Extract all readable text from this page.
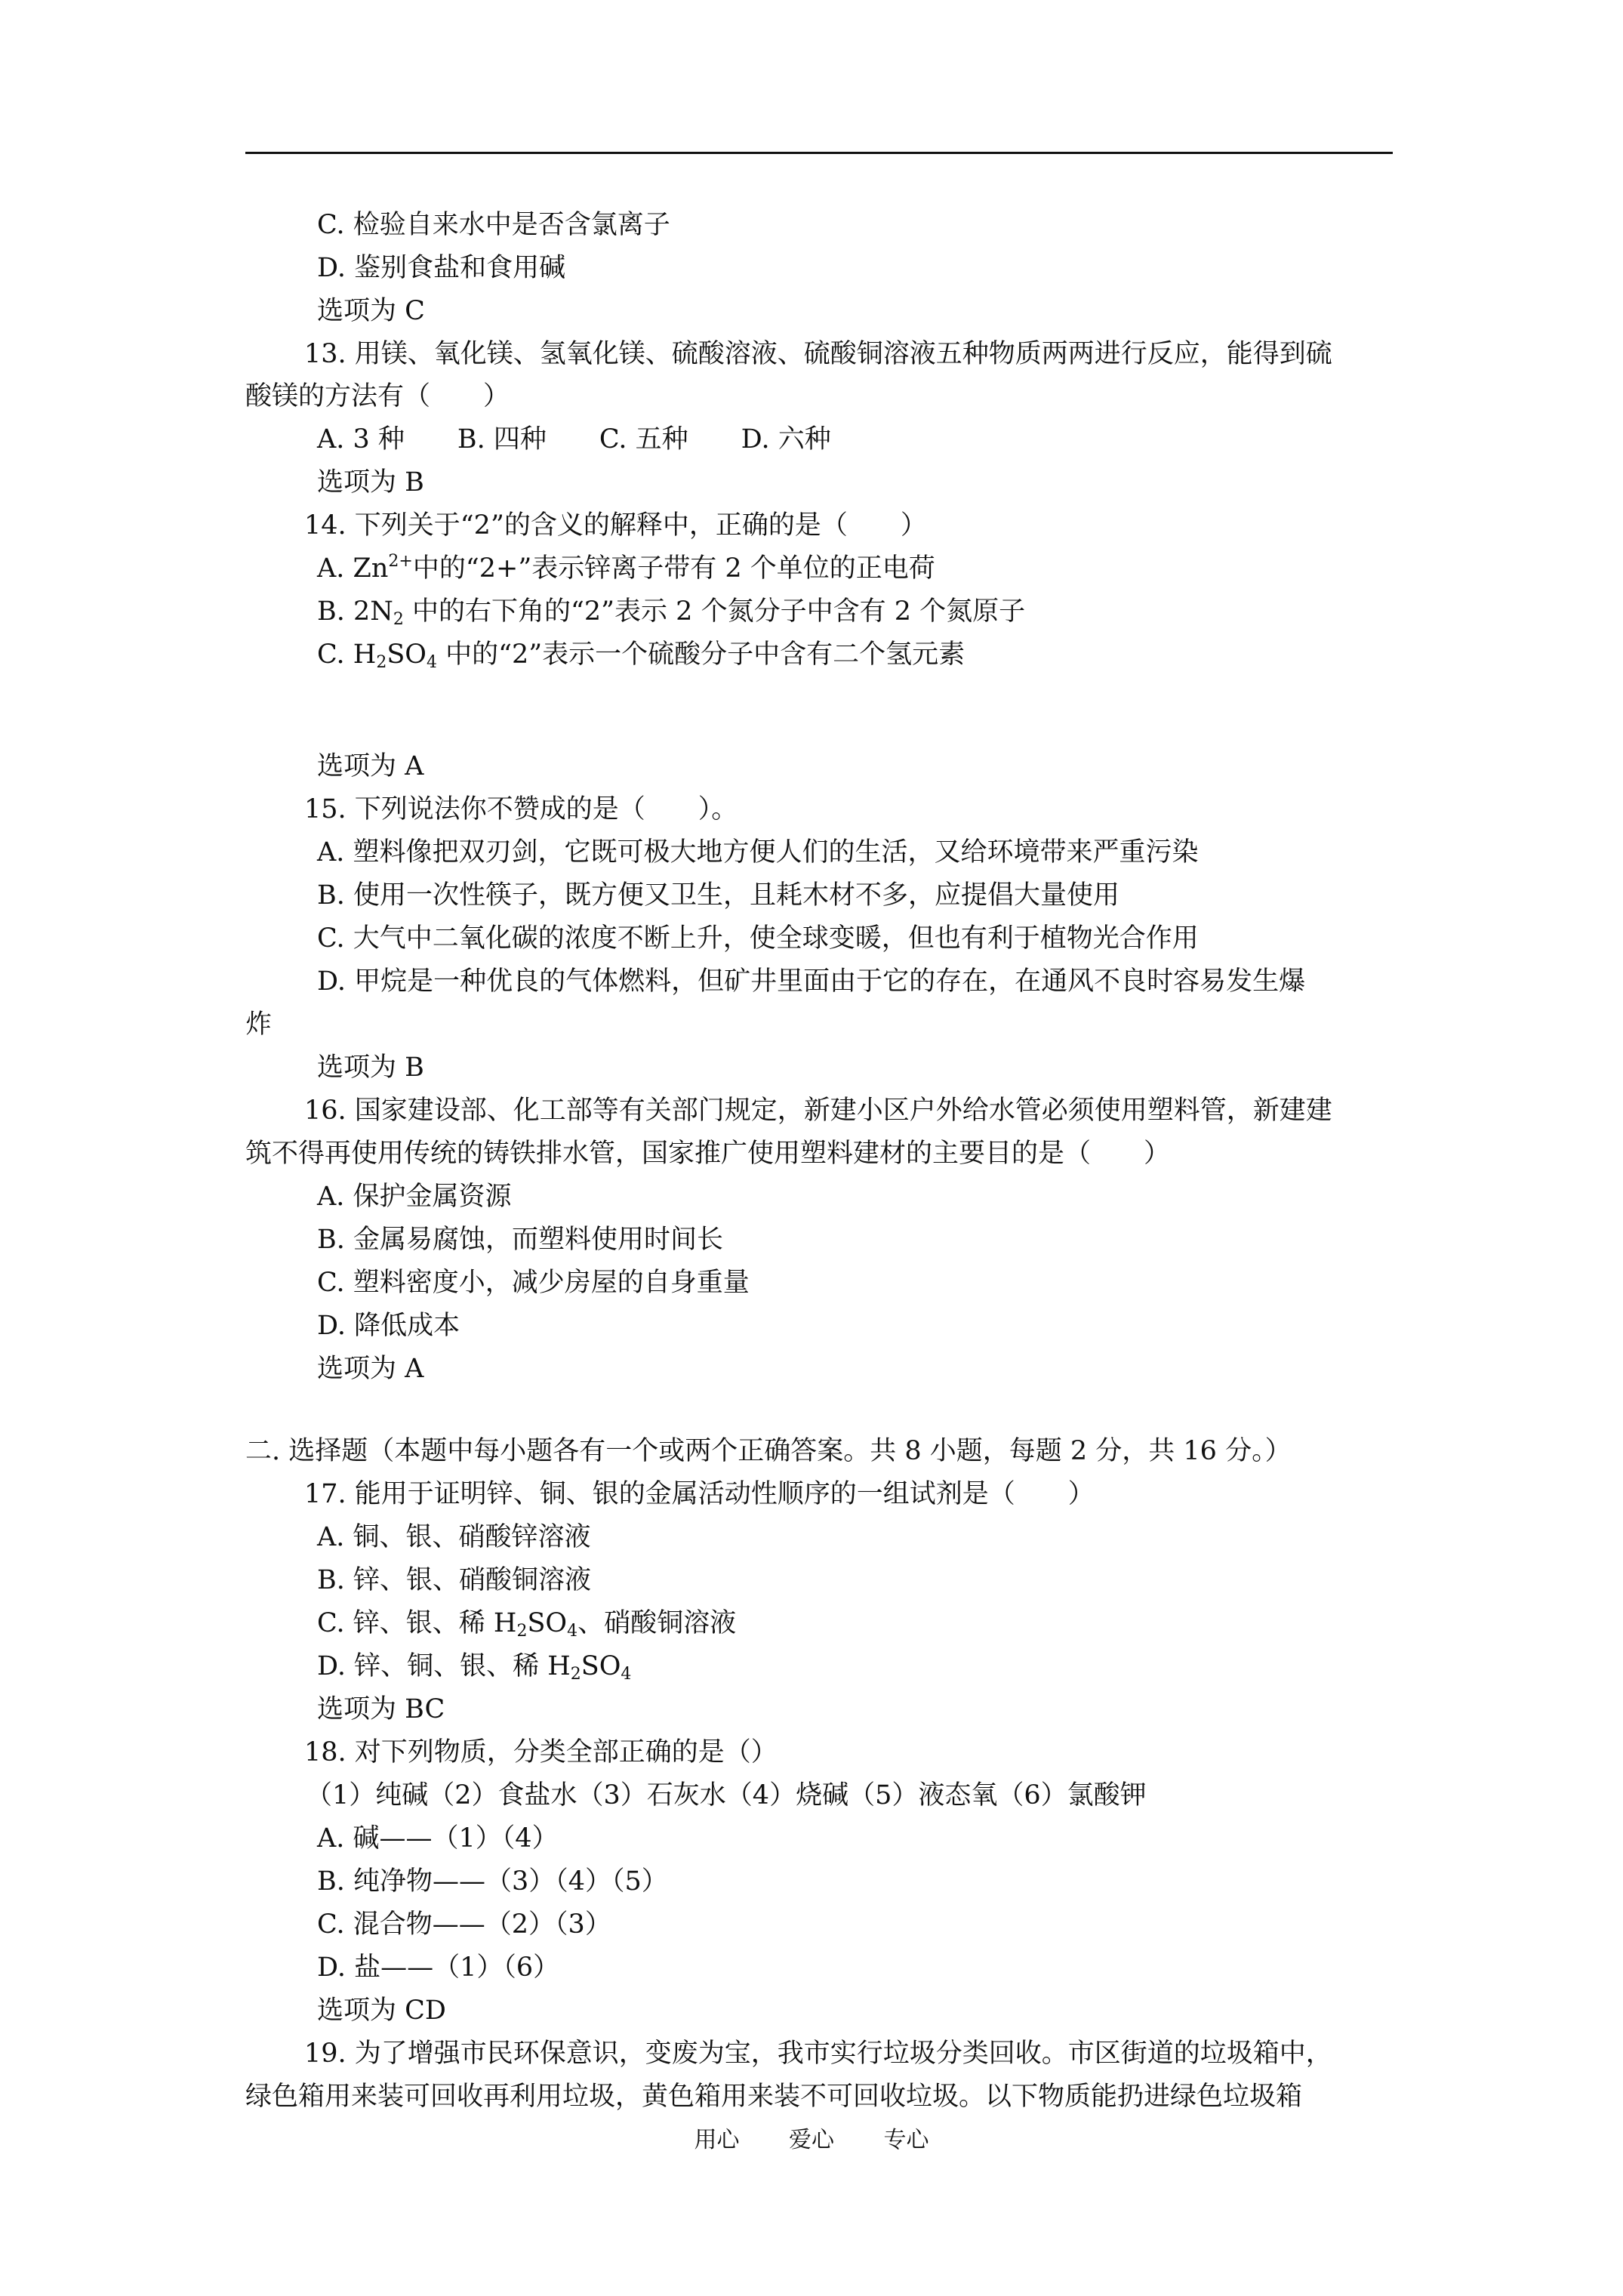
C. 检验自来水中是否含氯离子
D. 鉴别食盐和食用碱
选项为 C
13. 用镁、氧化镁、氢氧化镁、硫酸溶液、硫酸铜溶液五种物质两两进行反应，能得到硫
酸镁的方法有（　　）
A. 3 种　　B. 四种　　C. 五种　　D. 六种
选项为 B
14. 下列关于“2”的含义的解释中，正确的是（　　）
A. $Zn^{2+}$中的“2+”表示锌离子带有 2 个单位的正电荷
B. $2N_2$ 中的右下角的“2”表示 2 个氮分子中含有 2 个氮原子
C. $H_2SO_4$ 中的“2”表示一个硫酸分子中含有二个氢元素
选项为 A
15. 下列说法你不赞成的是（　　）。
A. 塑料像把双刃剑，它既可极大地方便人们的生活，又给环境带来严重污染
B. 使用一次性筷子，既方便又卫生，且耗木材不多，应提倡大量使用
C. 大气中二氧化碳的浓度不断上升，使全球变暖，但也有利于植物光合作用
D. 甲烷是一种优良的气体燃料，但矿井里面由于它的存在，在通风不良时容易发生爆
炸
选项为 B
16. 国家建设部、化工部等有关部门规定，新建小区户外给水管必须使用塑料管，新建建
筑不得再使用传统的铸铁排水管，国家推广使用塑料建材的主要目的是（　　）
A. 保护金属资源
B. 金属易腐蚀，而塑料使用时间长
C. 塑料密度小，减少房屋的自身重量
D. 降低成本
选项为 A
二. 选择题（本题中每小题各有一个或两个正确答案。共 8 小题，每题 2 分，共 16 分。）
17. 能用于证明锌、铜、银的金属活动性顺序的一组试剂是（　　）
A. 铜、银、硝酸锌溶液
B. 锌、银、硝酸铜溶液
C. 锌、银、稀 $H_2SO_4$、硝酸铜溶液
D. 锌、铜、银、稀 $H_2SO_4$
选项为 BC
18. 对下列物质，分类全部正确的是（）
（1）纯碱（2）食盐水（3）石灰水（4）烧碱（5）液态氧（6）氯酸钾
A. 碱——（1）（4）
B. 纯净物——（3）（4）（5）
C. 混合物——（2）（3）
D. 盐——（1）（6）
选项为 CD
19. 为了增强市民环保意识，变废为宝，我市实行垃圾分类回收。市区街道的垃圾箱中，
绿色箱用来装可回收再利用垃圾，黄色箱用来装不可回收垃圾。以下物质能扔进绿色垃圾箱
用心 爱心 专心
